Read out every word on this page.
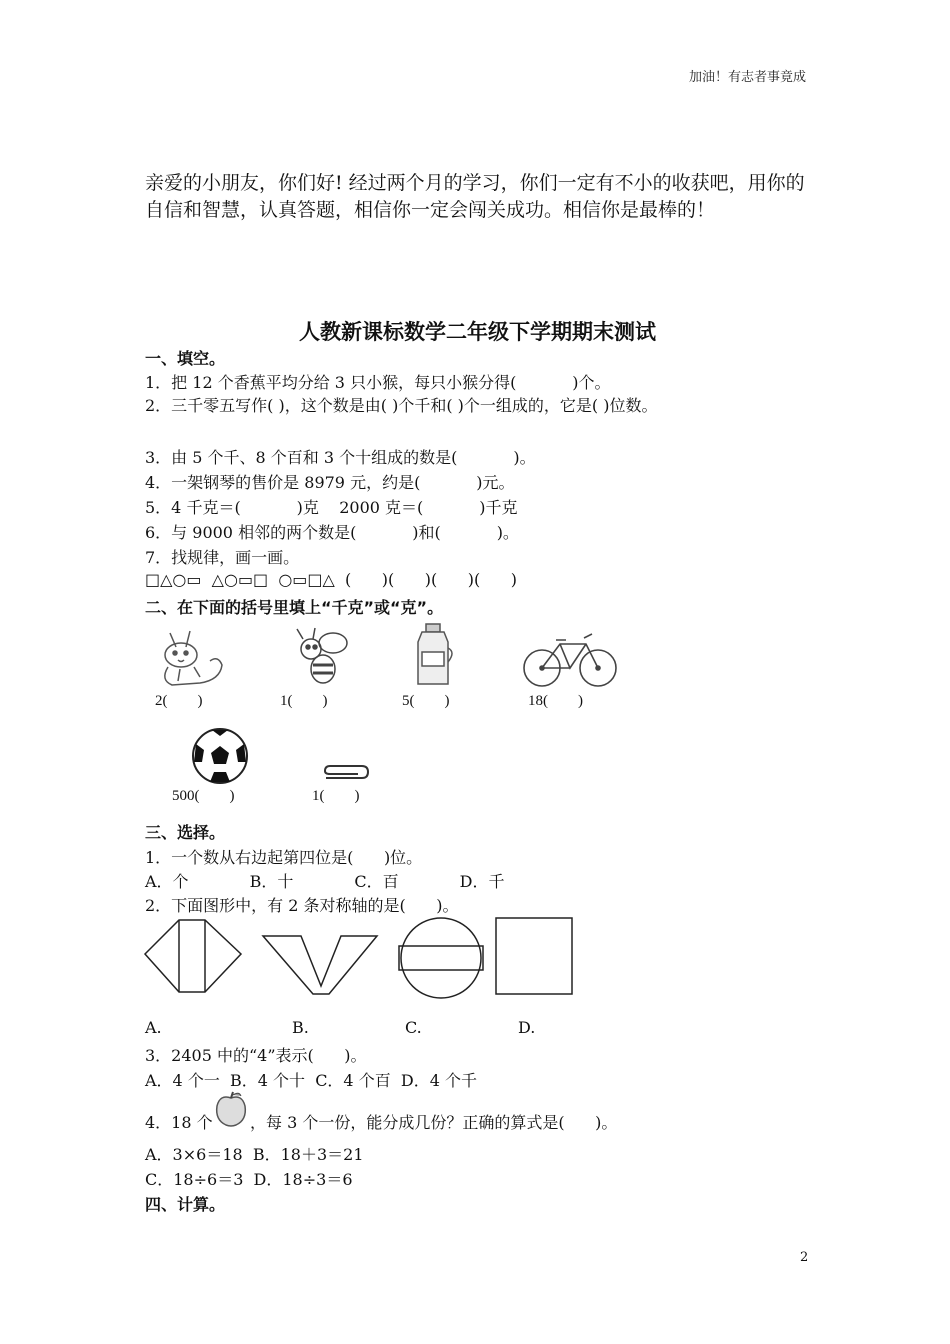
加油！有志者事竟成
亲爱的小朋友，你们好! 经过两个月的学习，你们一定有不小的收获吧，用你的自信和智慧，认真答题，相信你一定会闯关成功。相信你是最棒的！
人教新课标数学二年级下学期期末测试
一、填空。
1．把 12 个香蕉平均分给 3 只小猴，每只小猴分得(           )个。
2．三千零五写作( )，这个数是由( )个千和( )个一组成的，它是( )位数。
3．由 5 个千、8 个百和 3 个十组成的数是(           )。
4．一架钢琴的售价是 8979 元，约是(           )元。
5．4 千克＝(           )克    2000 克＝(           )千克
6．与 9000 相邻的两个数是(           )和(           )。
7．找规律，画一画。
□△○▭  △○▭□  ○▭□△  (      )(      )(      )(      )
二、在下面的括号里填上“千克”或“克”。
2(        )	1(        )	5(        )	18(        )
500(        )	1(        )
三、选择。
1．一个数从右边起第四位是(      )位。
A．个            B．十            C．百            D．千
2．下面图形中，有 2 条对称轴的是(      )。
A.	B.	C.	D.
3．2405 中的“4”表示(      )。
A．4 个一  B．4 个十  C．4 个百  D．4 个千
4．18 个 ，每 3 个一份，能分成几份？正确的算式是(      )。
A．3×6＝18  B．18＋3＝21
C．18÷6＝3  D．18÷3＝6
四、计算。
2
